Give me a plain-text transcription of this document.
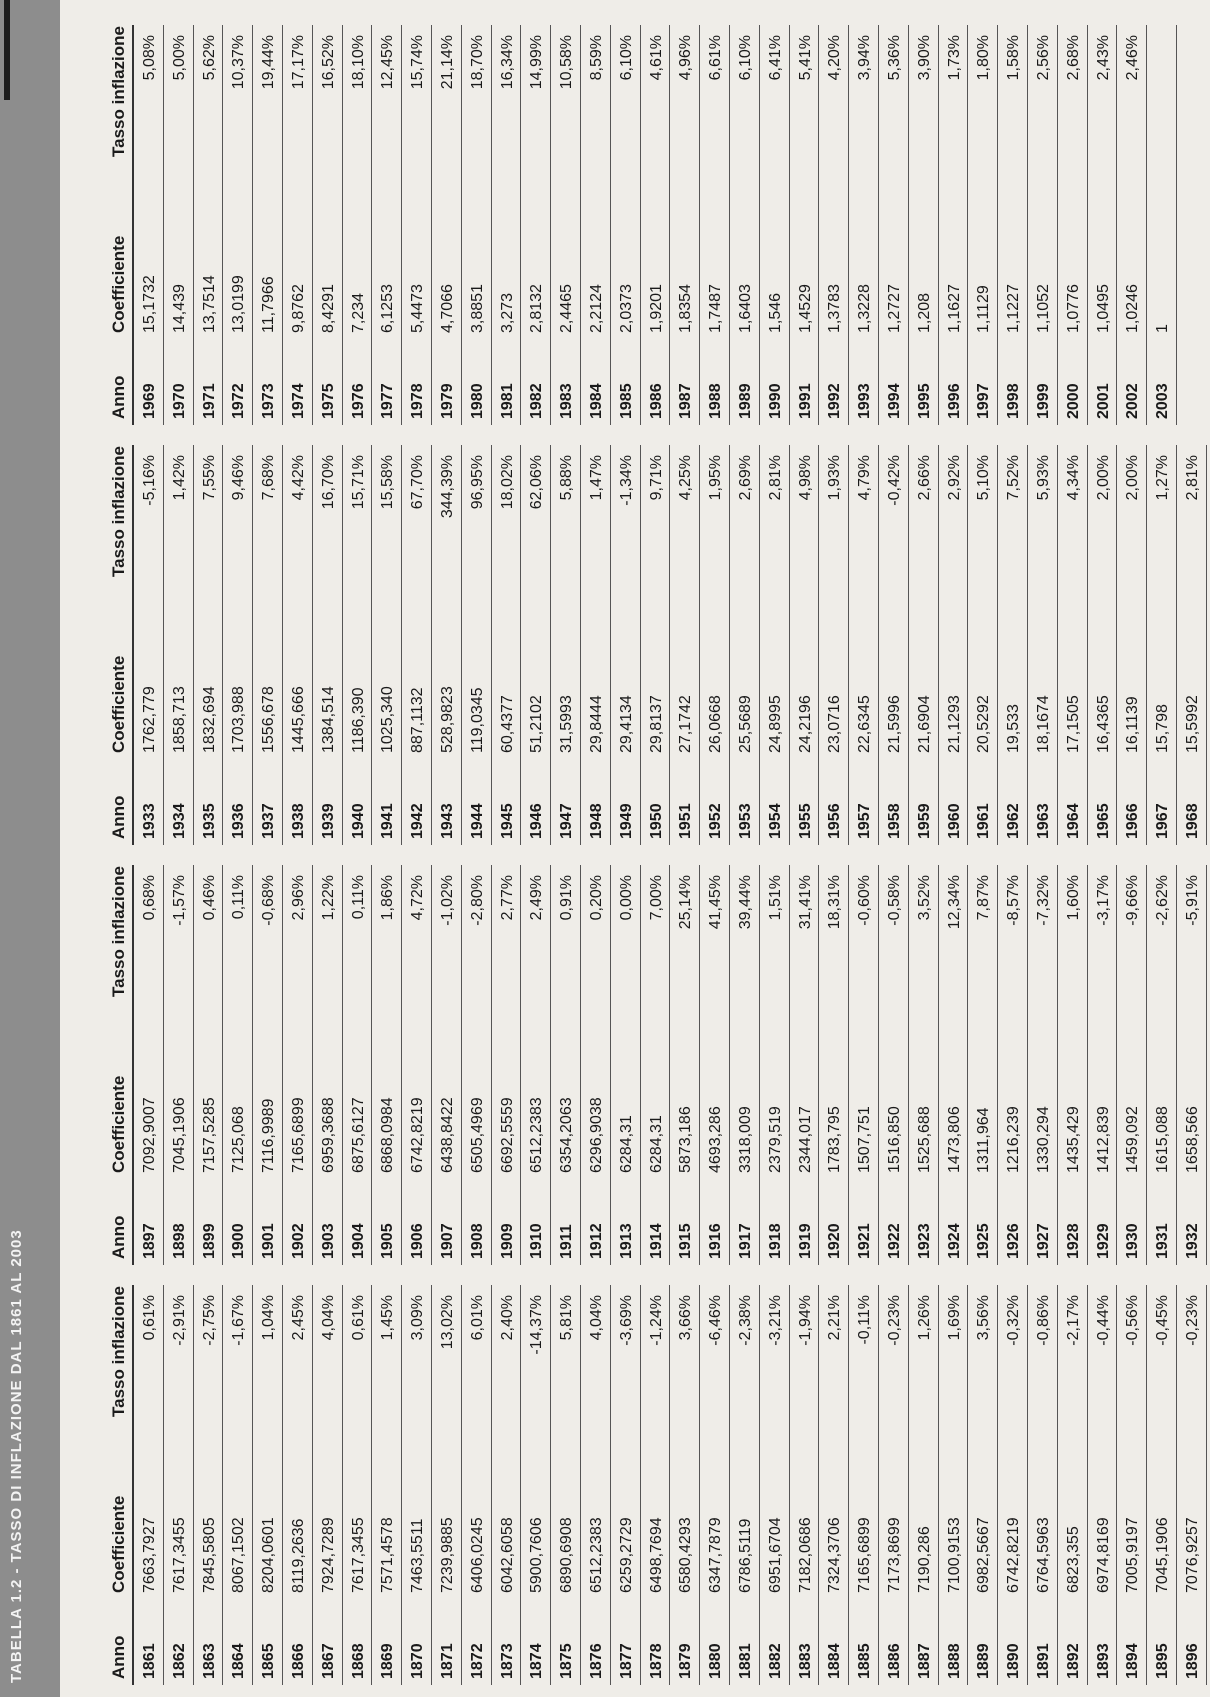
TABELLA 1.2 - TASSO DI INFLAZIONE DAL 1861 AL 2003	Anno
Coefficiente
Tasso inflazione
1861
7663,7927
0,61%
1862
7617,3455
-2,91%
1863
7845,5805
-2,75%
1864
8067,1502
-1,67%
1865
8204,0601
1,04%
1866
8119,2636
2,45%
1867
7924,7289
4,04%
1868
7617,3455
0,61%
1869
7571,4578
1,45%
1870
7463,5511
3,09%
1871
7239,9885
13,02%
1872
6406,0245
6,01%
1873
6042,6058
2,40%
1874
5900,7606
-14,37%
1875
6890,6908
5,81%
1876
6512,2383
4,04%
1877
6259,2729
-3,69%
1878
6498,7694
-1,24%
1879
6580,4293
3,66%
1880
6347,7879
-6,46%
1881
6786,5119
-2,38%
1882
6951,6704
-3,21%
1883
7182,0686
-1,94%
1884
7324,3706
2,21%
1885
7165,6899
-0,11%
1886
7173,8699
-0,23%
1887
7190,286
1,26%
1888
7100,9153
1,69%
1889
6982,5667
3,56%
1890
6742,8219
-0,32%
1891
6764,5963
-0,86%
1892
6823,355
-2,17%
1893
6974,8169
-0,44%
1894
7005,9197
-0,56%
1895
7045,1906
-0,45%
1896
7076,9257
-0,23%
Anno
Coefficiente
Tasso inflazione
1897
7092,9007
0,68%
1898
7045,1906
-1,57%
1899
7157,5285
0,46%
1900
7125,068
0,11%
1901
7116,9989
-0,68%
1902
7165,6899
2,96%
1903
6959,3688
1,22%
1904
6875,6127
0,11%
1905
6868,0984
1,86%
1906
6742,8219
4,72%
1907
6438,8422
-1,02%
1908
6505,4969
-2,80%
1909
6692,5559
2,77%
1910
6512,2383
2,49%
1911
6354,2063
0,91%
1912
6296,9038
0,20%
1913
6284,31
0,00%
1914
6284,31
7,00%
1915
5873,186
25,14%
1916
4693,286
41,45%
1917
3318,009
39,44%
1918
2379,519
1,51%
1919
2344,017
31,41%
1920
1783,795
18,31%
1921
1507,751
-0,60%
1922
1516,850
-0,58%
1923
1525,688
3,52%
1924
1473,806
12,34%
1925
1311,964
7,87%
1926
1216,239
-8,57%
1927
1330,294
-7,32%
1928
1435,429
1,60%
1929
1412,839
-3,17%
1930
1459,092
-9,66%
1931
1615,088
-2,62%
1932
1658,566
-5,91%
Anno
Coefficiente
Tasso inflazione
1933
1762,779
-5,16%
1934
1858,713
1,42%
1935
1832,694
7,55%
1936
1703,988
9,46%
1937
1556,678
7,68%
1938
1445,666
4,42%
1939
1384,514
16,70%
1940
1186,390
15,71%
1941
1025,340
15,58%
1942
887,1132
67,70%
1943
528,9823
344,39%
1944
119,0345
96,95%
1945
60,4377
18,02%
1946
51,2102
62,06%
1947
31,5993
5,88%
1948
29,8444
1,47%
1949
29,4134
-1,34%
1950
29,8137
9,71%
1951
27,1742
4,25%
1952
26,0668
1,95%
1953
25,5689
2,69%
1954
24,8995
2,81%
1955
24,2196
4,98%
1956
23,0716
1,93%
1957
22,6345
4,79%
1958
21,5996
-0,42%
1959
21,6904
2,66%
1960
21,1293
2,92%
1961
20,5292
5,10%
1962
19,533
7,52%
1963
18,1674
5,93%
1964
17,1505
4,34%
1965
16,4365
2,00%
1966
16,1139
2,00%
1967
15,798
1,27%
1968
15,5992
2,81%
Anno
Coefficiente
Tasso inflazione
1969
15,1732
5,08%
1970
14,439
5,00%
1971
13,7514
5,62%
1972
13,0199
10,37%
1973
11,7966
19,44%
1974
9,8762
17,17%
1975
8,4291
16,52%
1976
7,234
18,10%
1977
6,1253
12,45%
1978
5,4473
15,74%
1979
4,7066
21,14%
1980
3,8851
18,70%
1981
3,273
16,34%
1982
2,8132
14,99%
1983
2,4465
10,58%
1984
2,2124
8,59%
1985
2,0373
6,10%
1986
1,9201
4,61%
1987
1,8354
4,96%
1988
1,7487
6,61%
1989
1,6403
6,10%
1990
1,546
6,41%
1991
1,4529
5,41%
1992
1,3783
4,20%
1993
1,3228
3,94%
1994
1,2727
5,36%
1995
1,208
3,90%
1996
1,1627
1,73%
1997
1,1129
1,80%
1998
1,1227
1,58%
1999
1,1052
2,56%
2000
1,0776
2,68%
2001
1,0495
2,43%
2002
1,0246
2,46%
2003
1
